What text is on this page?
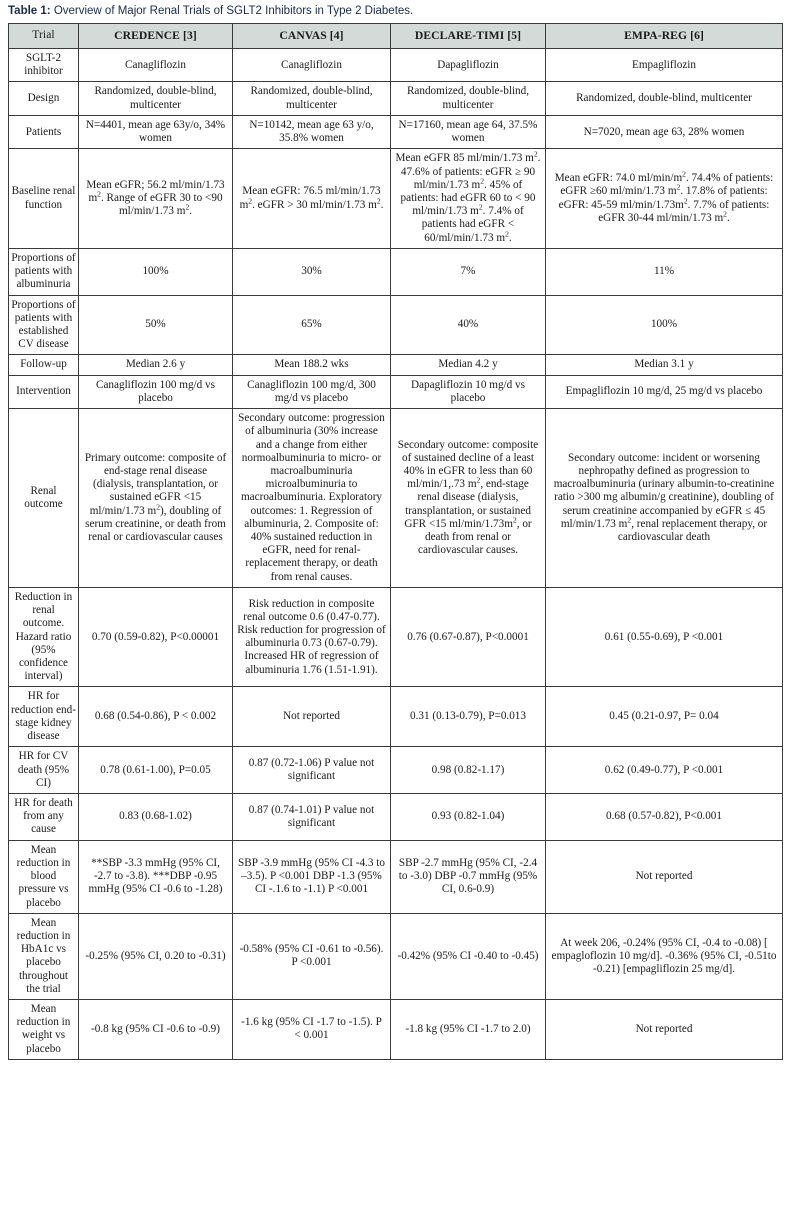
Table 1: Overview of Major Renal Trials of SGLT2 Inhibitors in Type 2 Diabetes.
Trial	CREDENCE [3]	CANVAS [4]	DECLARE-TIMI [5]	EMPA-REG [6]
SGLT-2 inhibitor	Canagliflozin	Canagliflozin	Dapagliflozin	Empagliflozin
Design	Randomized, double-blind, multicenter	Randomized, double-blind, multicenter	Randomized, double-blind, multicenter	Randomized, double-blind, multicenter
Patients	N=4401, mean age 63y/o, 34% women	N=10142, mean age 63 y/o, 35.8% women	N=17160, mean age 64, 37.5% women	N=7020, mean age 63, 28% women
Baseline renal function	Mean eGFR; 56.2 ml/min/1.73 $m^2$. Range of eGFR 30 to <90 ml/min/1.73 $m^2$.	Mean eGFR: 76.5 ml/min/1.73 $m^2$. eGFR > 30 ml/min/1.73 $m^2$.	Mean eGFR 85 ml/min/1.73 $m^2$. 47.6% of patients: eGFR ≥ 90 ml/min/1.73 $m^2$. 45% of patients: had eGFR 60 to < 90 ml/min/1.73 $m^2$. 7.4% of patients had eGFR < 60/ml/min/1.73 $m^2$.	Mean eGFR: 74.0 $ml/\min/m^2$. 74.4% of patients: eGFR ≥60 ml/min/1.73 $m^2$. 17.8% of patients: eGFR: 45-59 $ml/\min/1.73m^2$. 7.7% of patients: eGFR 30-44 ml/min/1.73 $m^2$.
Proportions of patients with albuminuria	100%	30%	7%	11%
Proportions of patients with established CV disease	50%	65%	40%	100%
Follow-up	Median 2.6 y	Mean 188.2 wks	Median 4.2 y	Median 3.1 y
Intervention	Canagliflozin 100 mg/d vs placebo	Canagliflozin 100 mg/d, 300 mg/d vs placebo	Dapagliflozin 10 mg/d vs placebo	Empagliflozin 10 mg/d, 25 mg/d vs placebo
Renal outcome	Primary outcome: composite of end-stage renal disease (dialysis, transplantation, or sustained eGFR <15 ml/min/1.73 $m^2$), doubling of serum creatinine, or death from renal or cardiovascular causes	Secondary outcome: progression of albuminuria (30% increase and a change from either normoalbuminuria to micro- or macroalbuminuria microalbuminuria to macroalbuminuria. Exploratory outcomes: 1. Regression of albuminuria, 2. Composite of: 40% sustained reduction in eGFR, need for renal-replacement therapy, or death from renal causes.	Secondary outcome: composite of sustained decline of a least 40% in eGFR to less than 60 ml/min/1,.73 $m^2$, end-stage renal disease (dialysis, transplantation, or sustained GFR <15 $ml/\min/1.73m^2$, or death from renal or cardiovascular causes.	Secondary outcome: incident or worsening nephropathy defined as progression to macroalbuminuria (urinary albumin-to-creatinine ratio >300 mg albumin/g creatinine), doubling of serum creatinine accompanied by eGFR ≤ 45 ml/min/1.73 $m^2$, renal replacement therapy, or cardiovascular death
Reduction in renal outcome. Hazard ratio (95% confidence interval)	0.70 (0.59-0.82), P<0.00001	Risk reduction in composite renal outcome 0.6 (0.47-0.77). Risk reduction for progression of albuminuria 0.73 (0.67-0.79). Increased HR of regression of albuminuria 1.76 (1.51-1.91).	0.76 (0.67-0.87), P<0.0001	0.61 (0.55-0.69), P <0.001
HR for reduction end-stage kidney disease	0.68 (0.54-0.86), P < 0.002	Not reported	0.31 (0.13-0.79), P=0.013	0.45 (0.21-0.97, P= 0.04
HR for CV death (95% CI)	0.78 (0.61-1.00), P=0.05	0.87 (0.72-1.06) P value not significant	0.98 (0.82-1.17)	0.62 (0.49-0.77), P <0.001
HR for death from any cause	0.83 (0.68-1.02)	0.87 (0.74-1.01) P value not significant	0.93 (0.82-1.04)	0.68 (0.57-0.82), P<0.001
Mean reduction in blood pressure vs placebo	**SBP -3.3 mmHg (95% CI, -2.7 to -3.8). ***DBP -0.95 mmHg (95% CI -0.6 to -1.28)	SBP -3.9 mmHg (95% CI -4.3 to –3.5). P <0.001 DBP -1.3 (95% CI -.1.6 to -1.1) P <0.001	SBP -2.7 mmHg (95% CI, -2.4 to -3.0) DBP -0.7 mmHg (95% CI, 0.6-0.9)	Not reported
Mean reduction in HbA1c vs placebo throughout the trial	-0.25% (95% CI, 0.20 to -0.31)	-0.58% (95% CI -0.61 to -0.56). P <0.001	-0.42% (95% CI -0.40 to -0.45)	At week 206, -0.24% (95% CI, -0.4 to -0.08) [ empagloflozin 10 mg/d]. -0.36% (95% CI, -0.51to -0.21) [empagliflozin 25 mg/d].
Mean reduction in weight vs placebo	-0.8 kg (95% CI -0.6 to -0.9)	-1.6 kg (95% CI -1.7 to -1.5). P < 0.001	-1.8 kg (95% CI -1.7 to 2.0)	Not reported
